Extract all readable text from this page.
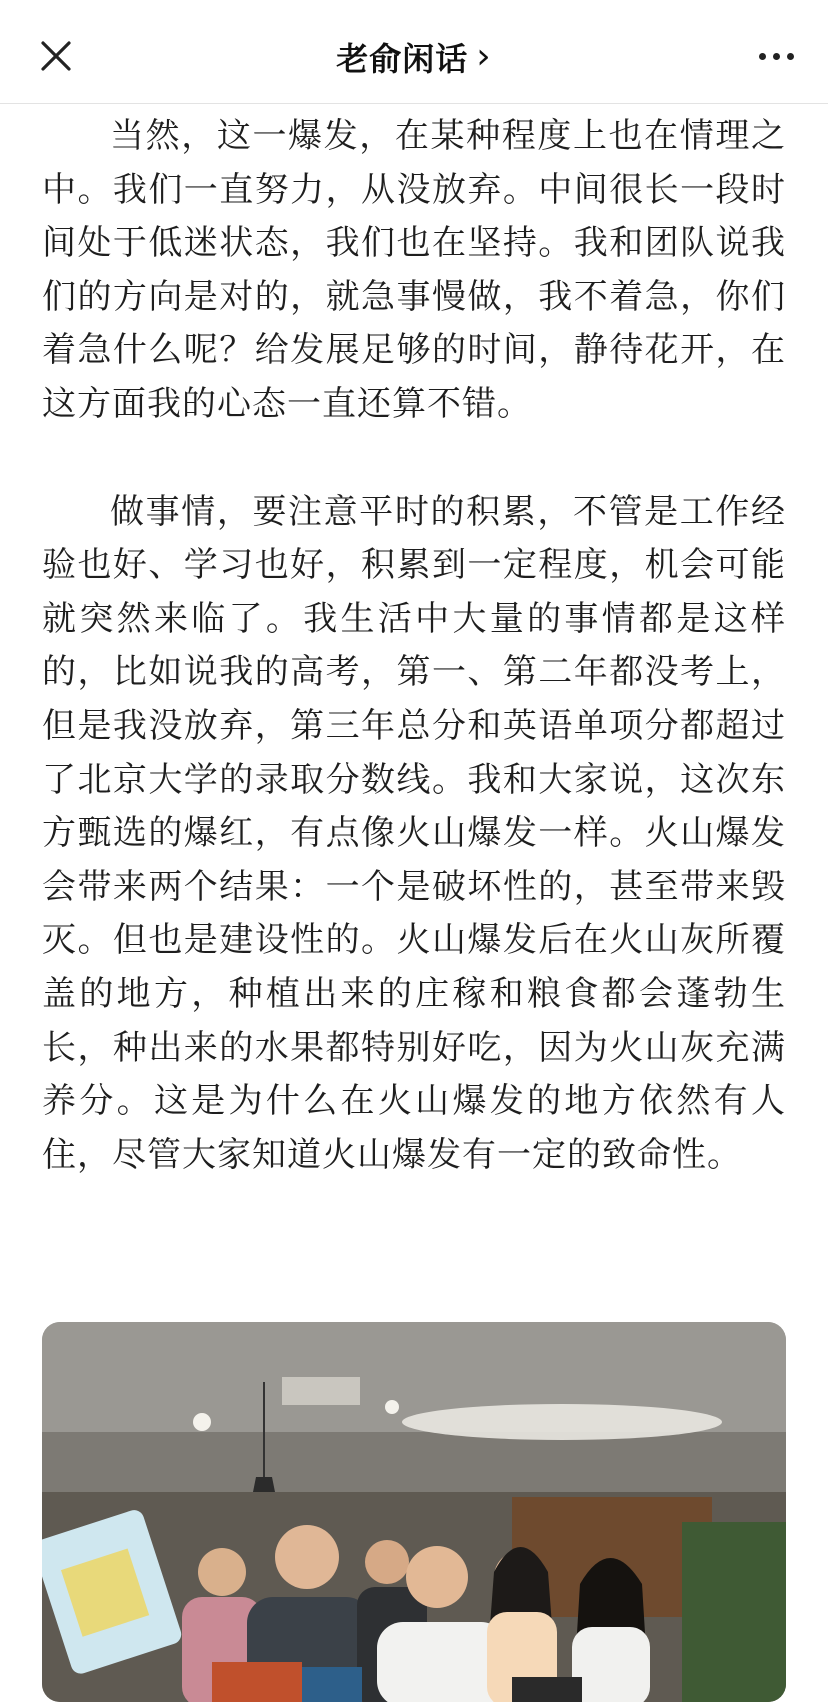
老俞闲话 ›

当然，这一爆发，在某种程度上也在情理之中。我们一直努力，从没放弃。中间很长一段时间处于低迷状态，我们也在坚持。我和团队说我们的方向是对的，就急事慢做，我不着急，你们着急什么呢？给发展足够的时间，静待花开，在这方面我的心态一直还算不错。

做事情，要注意平时的积累，不管是工作经验也好、学习也好，积累到一定程度，机会可能就突然来临了。我生活中大量的事情都是这样的，比如说我的高考，第一、第二年都没考上，但是我没放弃，第三年总分和英语单项分都超过了北京大学的录取分数线。我和大家说，这次东方甄选的爆红，有点像火山爆发一样。火山爆发会带来两个结果：一个是破坏性的，甚至带来毁灭。但也是建设性的。火山爆发后在火山灰所覆盖的地方，种植出来的庄稼和粮食都会蓬勃生长，种出来的水果都特别好吃，因为火山灰充满养分。这是为什么在火山爆发的地方依然有人住，尽管大家知道火山爆发有一定的致命性。
